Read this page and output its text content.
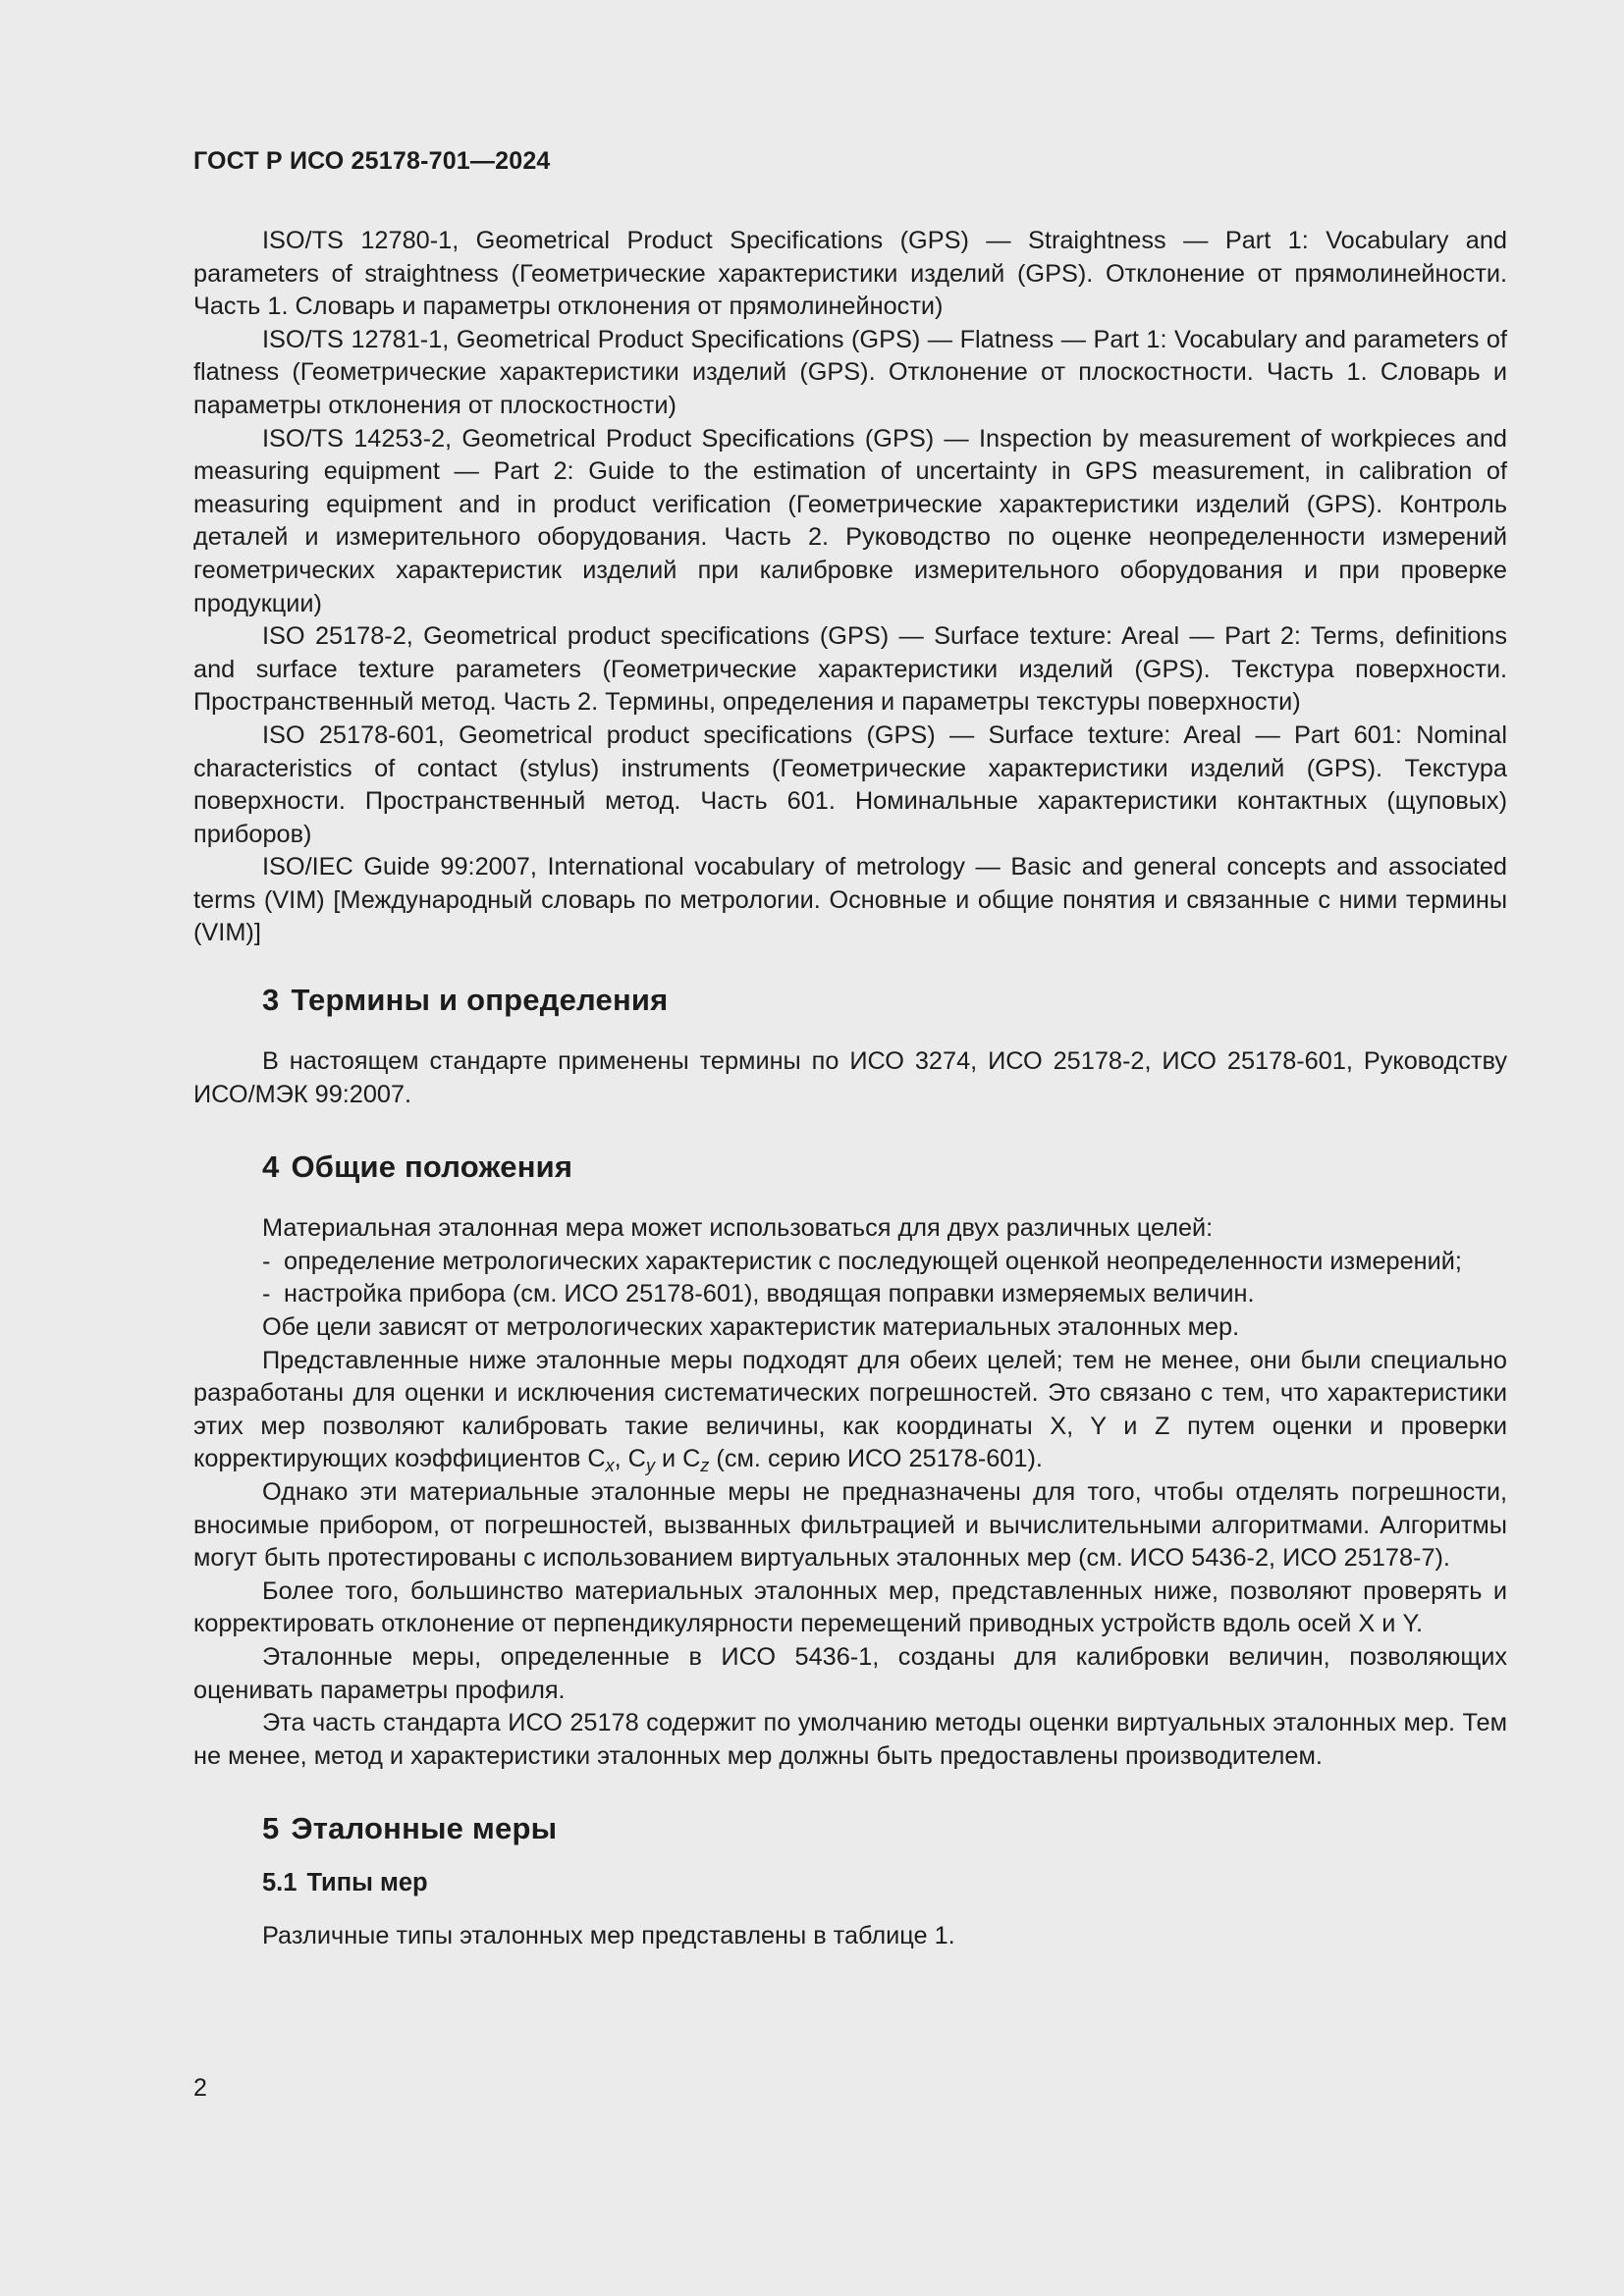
ГОСТ Р ИСО 25178-701—2024

ISO/TS 12780-1, Geometrical Product Specifications (GPS) — Straightness — Part 1: Vocabulary and parameters of straightness (Геометрические характеристики изделий (GPS). Отклонение от прямолинейности. Часть 1. Словарь и параметры отклонения от прямолинейности)

ISO/TS 12781-1, Geometrical Product Specifications (GPS) — Flatness — Part 1: Vocabulary and parameters of flatness (Геометрические характеристики изделий (GPS). Отклонение от плоскостности. Часть 1. Словарь и параметры отклонения от плоскостности)

ISO/TS 14253-2, Geometrical Product Specifications (GPS) — Inspection by measurement of workpieces and measuring equipment — Part 2: Guide to the estimation of uncertainty in GPS measurement, in calibration of measuring equipment and in product verification (Геометрические характеристики изделий (GPS). Контроль деталей и измерительного оборудования. Часть 2. Руководство по оценке неопределенности измерений геометрических характеристик изделий при калибровке измерительного оборудования и при проверке продукции)

ISO 25178-2, Geometrical product specifications (GPS) — Surface texture: Areal — Part 2: Terms, definitions and surface texture parameters (Геометрические характеристики изделий (GPS). Текстура поверхности. Пространственный метод. Часть 2. Термины, определения и параметры текстуры поверхности)

ISO 25178-601, Geometrical product specifications (GPS) — Surface texture: Areal — Part 601: Nominal characteristics of contact (stylus) instruments (Геометрические характеристики изделий (GPS). Текстура поверхности. Пространственный метод. Часть 601. Номинальные характеристики контактных (щуповых) приборов)

ISO/IEC Guide 99:2007, International vocabulary of metrology — Basic and general concepts and associated terms (VIM) [Международный словарь по метрологии. Основные и общие понятия и связанные с ними термины (VIM)]

3 Термины и определения

В настоящем стандарте применены термины по ИСО 3274, ИСО 25178-2, ИСО 25178-601, Руководству ИСО/МЭК 99:2007.

4 Общие положения

Материальная эталонная мера может использоваться для двух различных целей:

- определение метрологических характеристик с последующей оценкой неопределенности измерений;

- настройка прибора (см. ИСО 25178-601), вводящая поправки измеряемых величин.

Обе цели зависят от метрологических характеристик материальных эталонных мер.

Представленные ниже эталонные меры подходят для обеих целей; тем не менее, они были специально разработаны для оценки и исключения систематических погрешностей. Это связано с тем, что характеристики этих мер позволяют калибровать такие величины, как координаты X, Y и Z путем оценки и проверки корректирующих коэффициентов $C_x$, $C_y$ и $C_z$ (см. серию ИСО 25178-601).

Однако эти материальные эталонные меры не предназначены для того, чтобы отделять погрешности, вносимые прибором, от погрешностей, вызванных фильтрацией и вычислительными алгоритмами. Алгоритмы могут быть протестированы с использованием виртуальных эталонных мер (см. ИСО 5436-2, ИСО 25178-7).

Более того, большинство материальных эталонных мер, представленных ниже, позволяют проверять и корректировать отклонение от перпендикулярности перемещений приводных устройств вдоль осей X и Y.

Эталонные меры, определенные в ИСО 5436-1, созданы для калибровки величин, позволяющих оценивать параметры профиля.

Эта часть стандарта ИСО 25178 содержит по умолчанию методы оценки виртуальных эталонных мер. Тем не менее, метод и характеристики эталонных мер должны быть предоставлены производителем.

5 Эталонные меры
5.1 Типы мер

Различные типы эталонных мер представлены в таблице 1.

2
